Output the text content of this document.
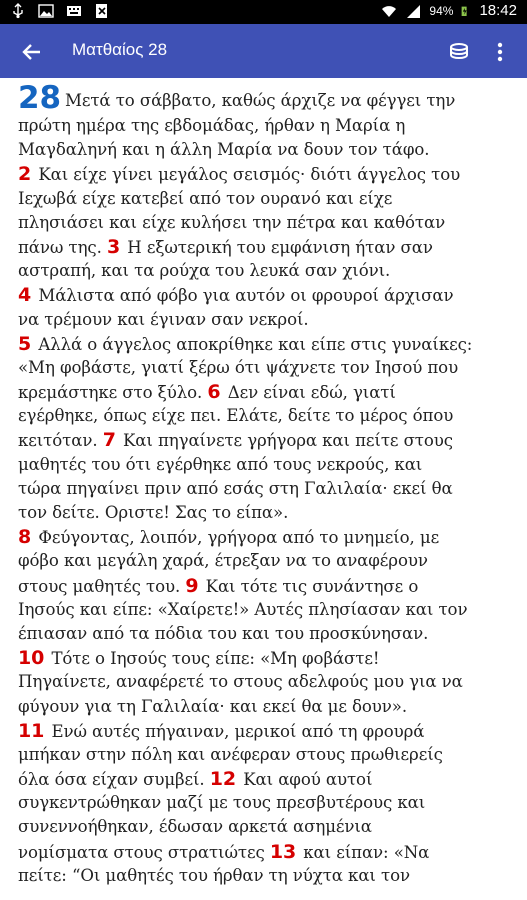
94% 18:42
Ματθαίος 28
28 Μετά το σάββατο, καθώς άρχιζε να φέγγει την
πρώτη ημέρα της εβδομάδας, ήρθαν η Μαρία η
Μαγδαληνή και η άλλη Μαρία να δουν τον τάφο.
2 Και είχε γίνει μεγάλος σεισμός· διότι άγγελος του
Ιεχωβά είχε κατεβεί από τον ουρανό και είχε
πλησιάσει και είχε κυλήσει την πέτρα και καθόταν
πάνω της. 3 Η εξωτερική του εμφάνιση ήταν σαν
αστραπή, και τα ρούχα του λευκά σαν χιόνι.
4 Μάλιστα από φόβο για αυτόν οι φρουροί άρχισαν
να τρέμουν και έγιναν σαν νεκροί.
5 Αλλά ο άγγελος αποκρίθηκε και είπε στις γυναίκες:
«Μη φοβάστε, γιατί ξέρω ότι ψάχνετε τον Ιησού που
κρεμάστηκε στο ξύλο. 6 Δεν είναι εδώ, γιατί
εγέρθηκε, όπως είχε πει. Ελάτε, δείτε το μέρος όπου
κειτόταν. 7 Και πηγαίνετε γρήγορα και πείτε στους
μαθητές του ότι εγέρθηκε από τους νεκρούς, και
τώρα πηγαίνει πριν από εσάς στη Γαλιλαία· εκεί θα
τον δείτε. Οριστε! Σας το είπα».
8 Φεύγοντας, λοιπόν, γρήγορα από το μνημείο, με
φόβο και μεγάλη χαρά, έτρεξαν να το αναφέρουν
στους μαθητές του. 9 Και τότε τις συνάντησε ο
Ιησούς και είπε: «Χαίρετε!» Αυτές πλησίασαν και τον
έπιασαν από τα πόδια του και του προσκύνησαν.
10 Τότε ο Ιησούς τους είπε: «Μη φοβάστε!
Πηγαίνετε, αναφέρετέ το στους αδελφούς μου για να
φύγουν για τη Γαλιλαία· και εκεί θα με δουν».
11 Ενώ αυτές πήγαιναν, μερικοί από τη φρουρά
μπήκαν στην πόλη και ανέφεραν στους πρωθιερείς
όλα όσα είχαν συμβεί. 12 Και αφού αυτοί
συγκεντρώθηκαν μαζί με τους πρεσβυτέρους και
συνεννοήθηκαν, έδωσαν αρκετά ασημένια
νομίσματα στους στρατιώτες 13 και είπαν: «Να
πείτε: “Οι μαθητές του ήρθαν τη νύχτα και τον
